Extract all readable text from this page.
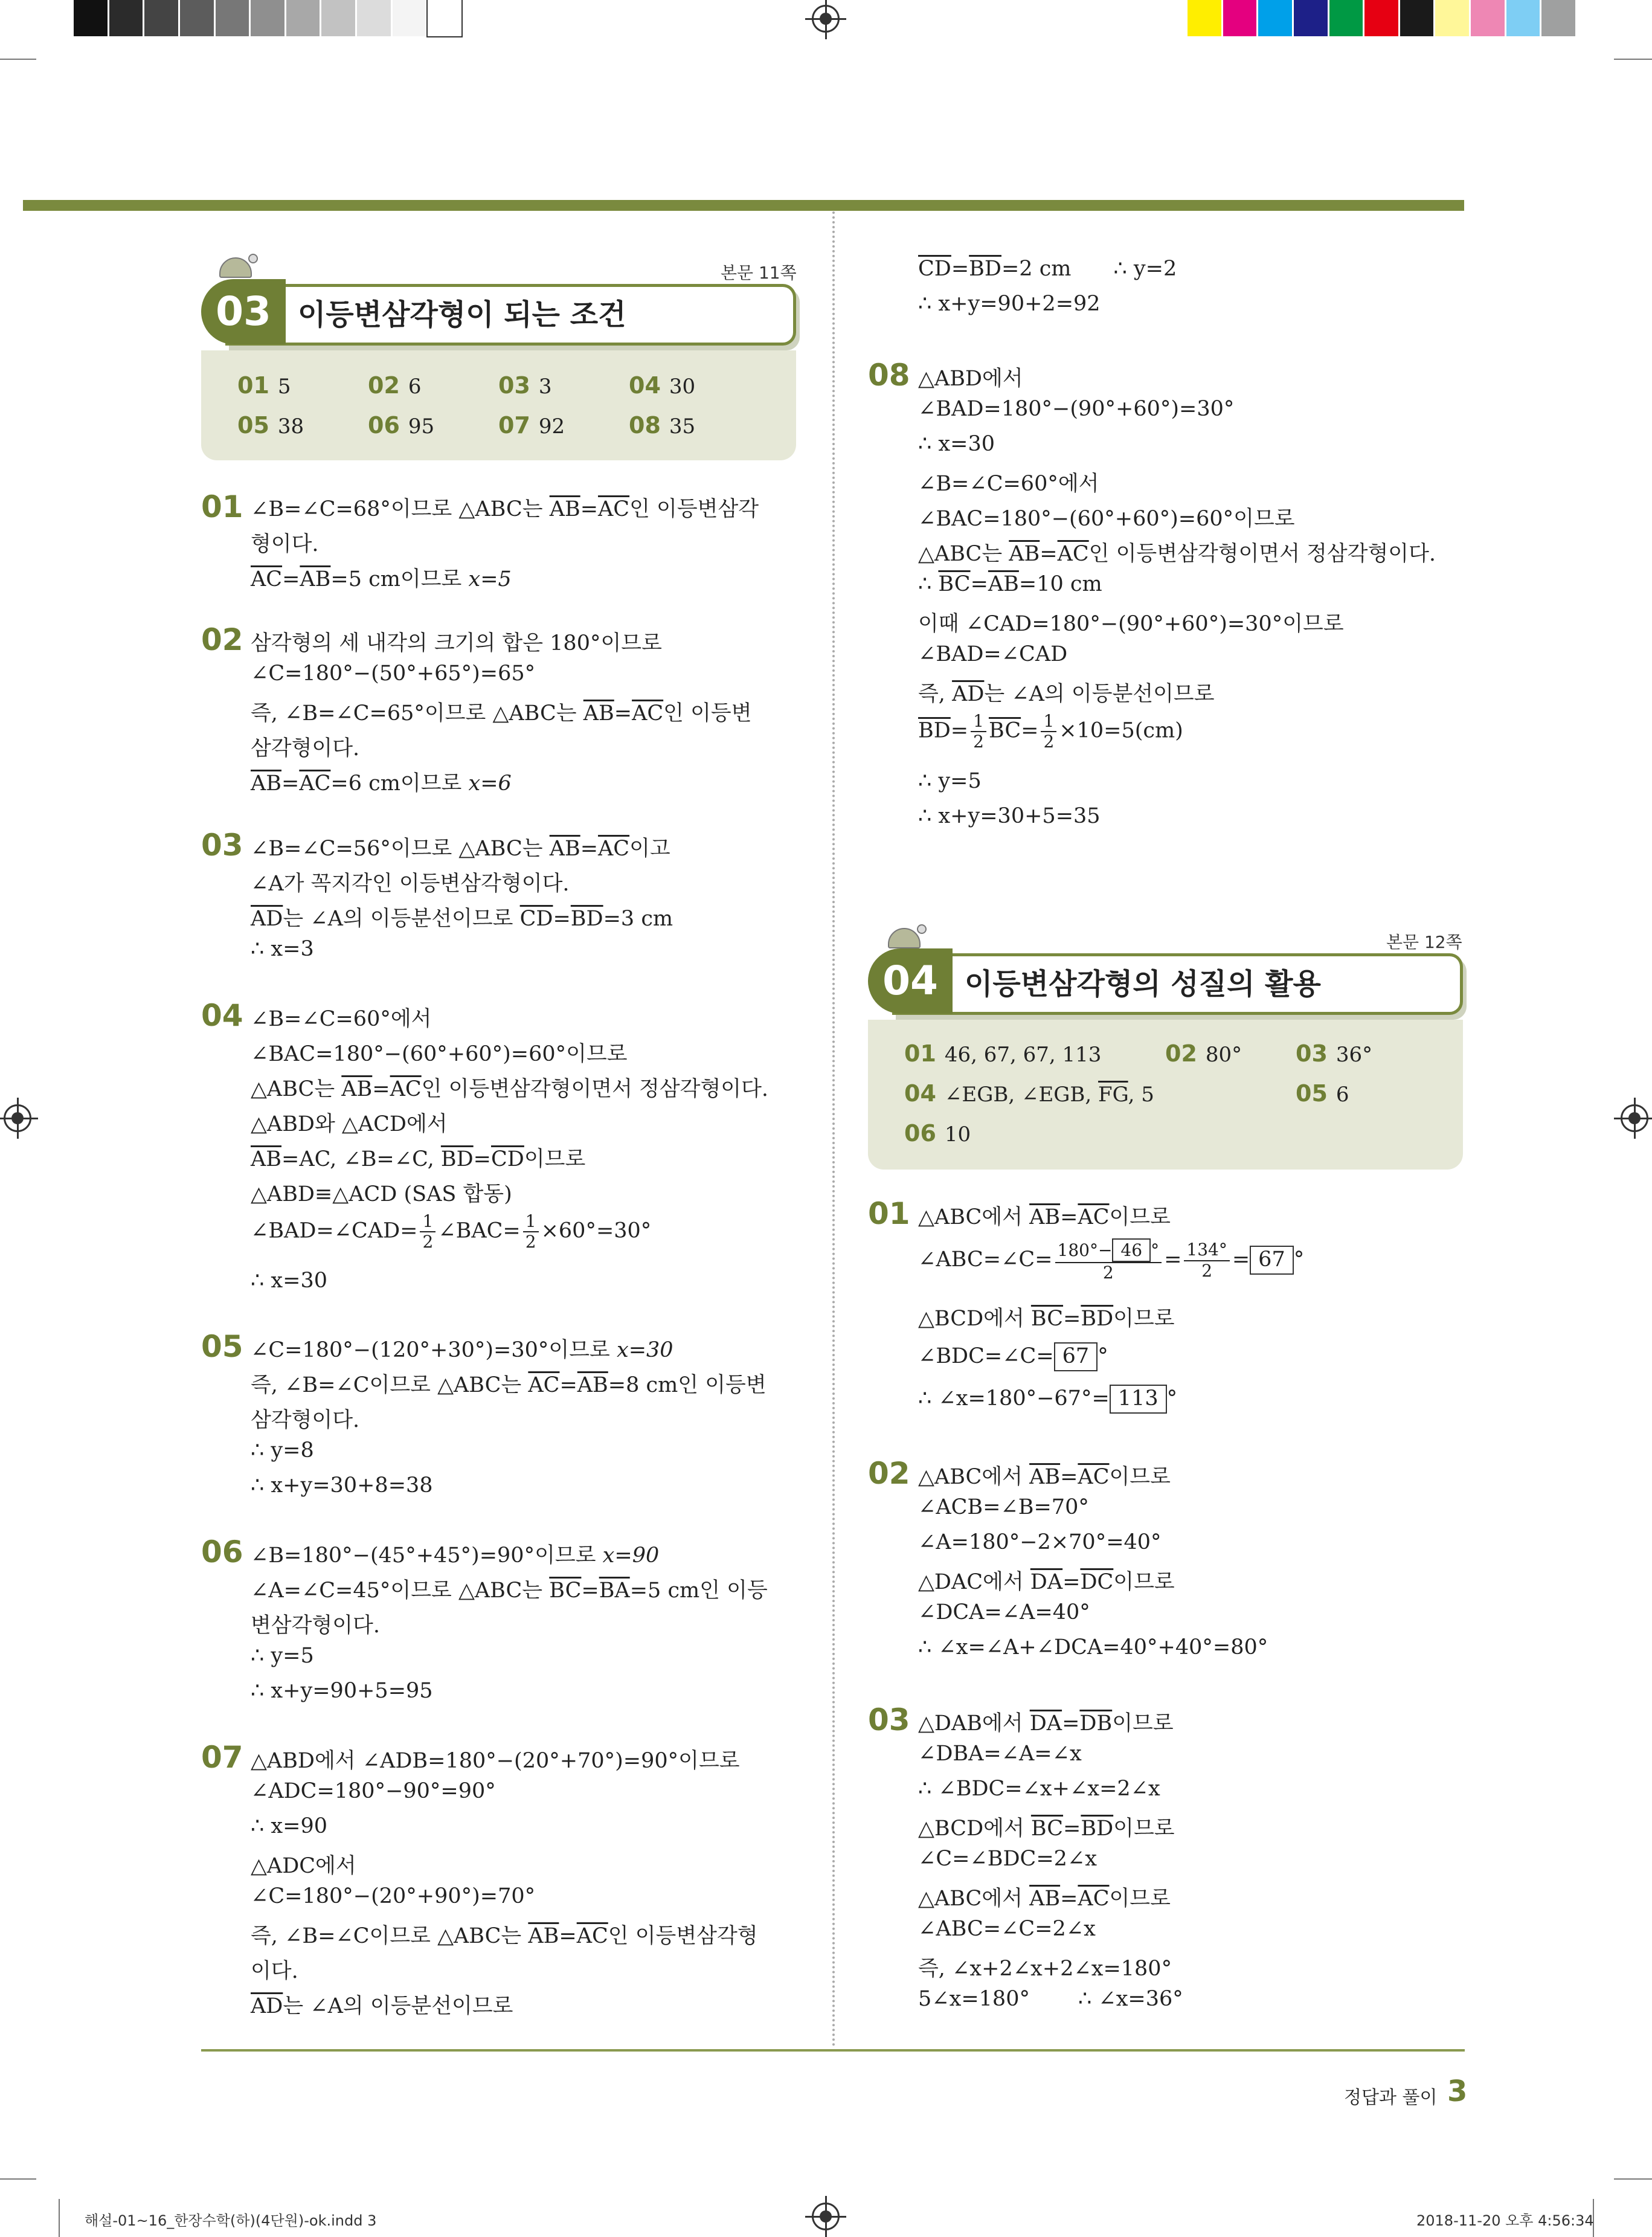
본문 11쪽
03 이등변삼각형이 되는 조건
01 5	02 6	03 3	04 30
05 38	06 95	07 92	08 35
01 ∠B=∠C=68°이므로 △ABC는 $\overline{AB}=\overline{AC}$인 이등변삼각
형이다.
$\overline{AC}=\overline{AB}=5$ cm이므로 x=5
02 삼각형의 세 내각의 크기의 합은 180°이므로
∠C=180°−(50°+65°)=65°
즉, ∠B=∠C=65°이므로 △ABC는 $\overline{AB}=\overline{AC}$인 이등변
삼각형이다.
$\overline{AB}=\overline{AC}=6$ cm이므로 x=6
03 ∠B=∠C=56°이므로 △ABC는 $\overline{AB}=\overline{AC}$이고
∠A가 꼭지각인 이등변삼각형이다.
$\overline{AD}$는 ∠A의 이등분선이므로 $\overline{CD}=\overline{BD}=3$ cm
∴ x=3
04 ∠B=∠C=60°에서
∠BAC=180°−(60°+60°)=60°이므로
△ABC는 $\overline{AB}=\overline{AC}$인 이등변삼각형이면서 정삼각형이다.
△ABD와 △ACD에서
$\overline{AB}=AC$, ∠B=∠C, $\overline{BD}=\overline{CD}$이므로
△ABD≡△ACD (SAS 합동)
∠BAD=∠CAD= $\frac{1}{2}$ ∠BAC= $\frac{1}{2} \times 60^\circ=30^\circ$
∴ x=30
05 ∠C=180°−(120°+30°)=30°이므로 x=30
즉, ∠B=∠C이므로 △ABC는 $\overline{AC}=\overline{AB}=8$ cm인 이등변
삼각형이다.
∴ y=8
∴ x+y=30+8=38
06 ∠B=180°−(45°+45°)=90°이므로 x=90
∠A=∠C=45°이므로 △ABC는 $\overline{BC}=\overline{BA}=5$ cm인 이등
변삼각형이다.
∴ y=5
∴ x+y=90+5=95
07 △ABD에서 ∠ADB=180°−(20°+70°)=90°이므로
∠ADC=180°−90°=90°
∴ x=90
△ADC에서
∠C=180°−(20°+90°)=70°
즉, ∠B=∠C이므로 △ABC는 $\overline{AB}=\overline{AC}$인 이등변삼각형
이다.
$\overline{AD}$는 ∠A의 이등분선이므로
$\overline{CD}=\overline{BD}=2$ cm ∴ y=2
∴ x+y=90+2=92
08 △ABD에서
∠BAD=180°−(90°+60°)=30°
∴ x=30
∠B=∠C=60°에서
∠BAC=180°−(60°+60°)=60°이므로
△ABC는 $\overline{AB}=\overline{AC}$인 이등변삼각형이면서 정삼각형이다.
∴ $\overline{BC}=\overline{AB}=10$ cm
이때 ∠CAD=180°−(90°+60°)=30°이므로
∠BAD=∠CAD
즉, $\overline{AD}$는 ∠A의 이등분선이므로
$\overline{BD}= \frac{1}{2} \overline{BC}= \frac{1}{2} \times 10=5(cm)$
∴ y=5
∴ x+y=30+5=35
본문 12쪽
04 이등변삼각형의 성질의 활용
01 46, 67, 67, 113	02 80° 03 36°
04 ∠EGB, ∠EGB, $\overline{FG}$, 5	05 6
06 10
01 △ABC에서 $\overline{AB}=\overline{AC}$이므로
∠ABC=∠C= $\frac{180^\circ- 46 ^\circ}{2} = \frac{134^\circ}{2} = 67$ °
△BCD에서 $\overline{BC}=\overline{BD}$이므로
∠BDC=∠C= 67 °
∴ ∠x=180°−67°= 113 °
02 △ABC에서 $\overline{AB}=\overline{AC}$이므로
∠ACB=∠B=70°
∠A=180°−2×70°=40°
△DAC에서 $\overline{DA}=\overline{DC}$이므로
∠DCA=∠A=40°
∴ ∠x=∠A+∠DCA=40°+40°=80°
03 △DAB에서 $\overline{DA}=\overline{DB}$이므로
∠DBA=∠A=∠x
∴ ∠BDC=∠x+∠x=2∠x
△BCD에서 $\overline{BC}=\overline{BD}$이므로
∠C=∠BDC=2∠x
△ABC에서 $\overline{AB}=\overline{AC}$이므로
∠ABC=∠C=2∠x
즉, ∠x+2∠x+2∠x=180°
5∠x=180° ∴ ∠x=36°
정답과 풀이 3
해설-01~16_한장수학(하)(4단원)-ok.indd 3	2018-11-20 오후 4:56:34
